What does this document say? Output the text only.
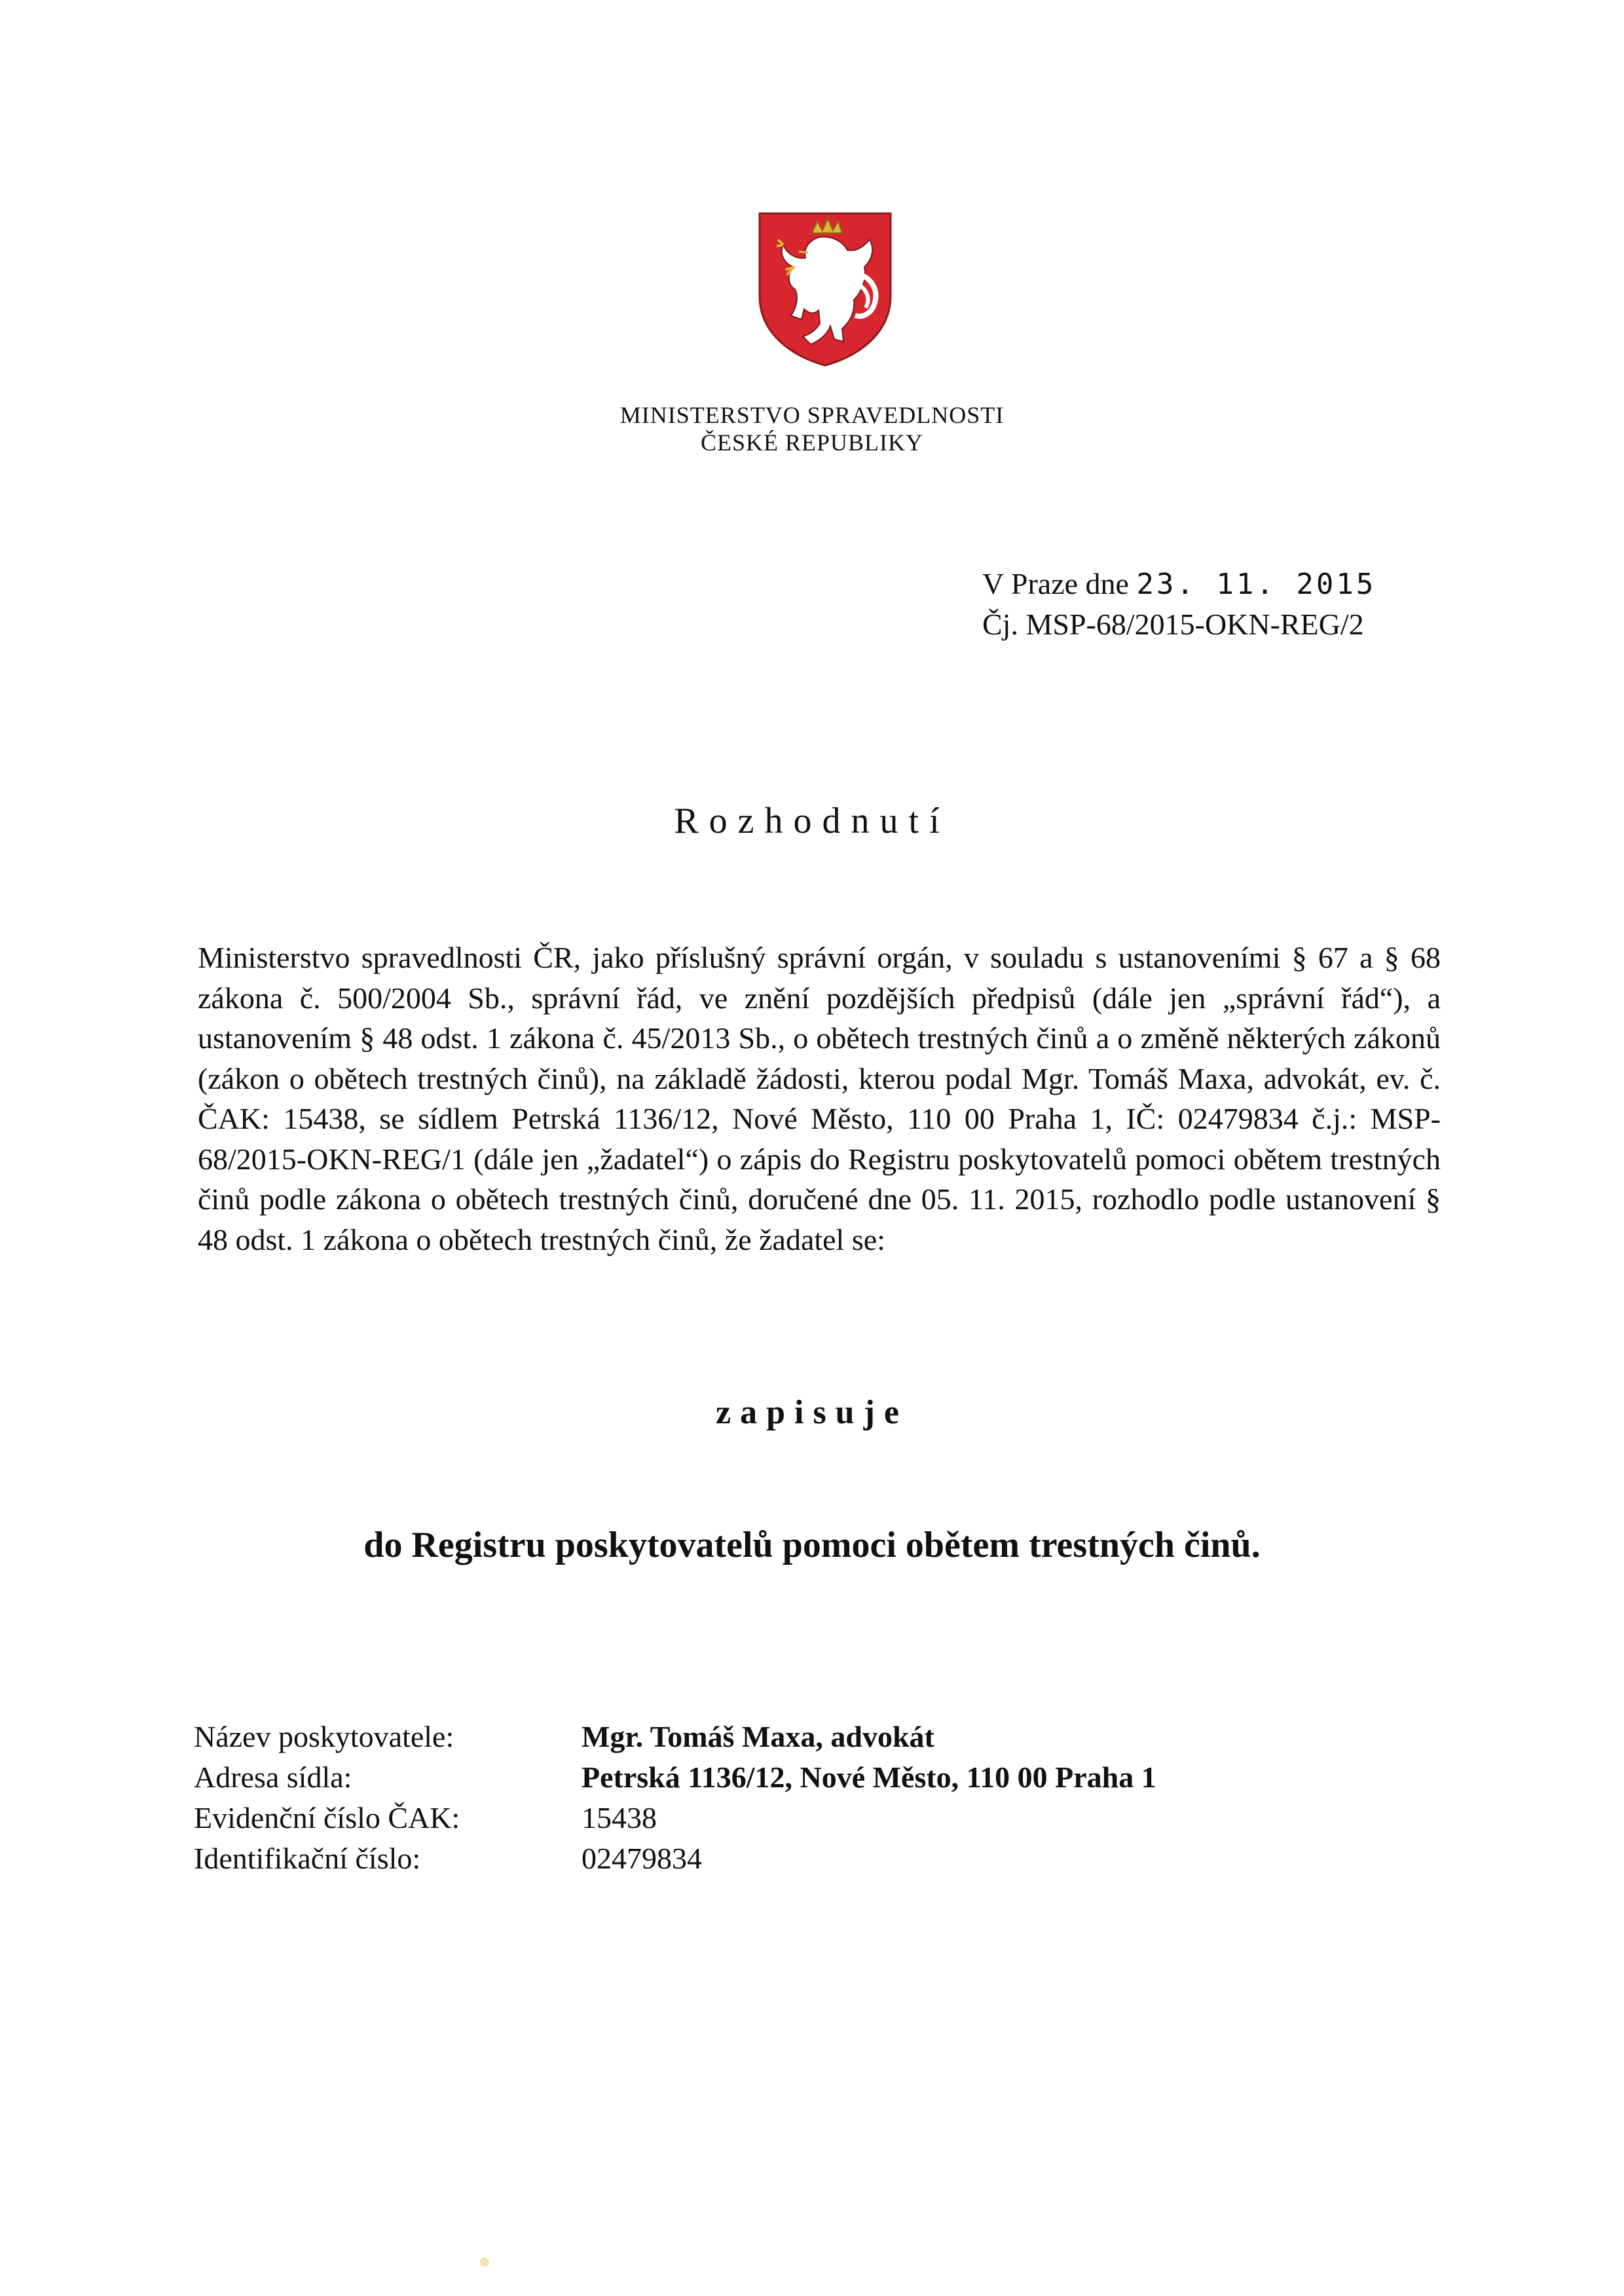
MINISTERSTVO SPRAVEDLNOSTI
ČESKÉ REPUBLIKY
V Praze dne 23. 11. 2015
Čj. MSP-68/2015-OKN-REG/2
Rozhodnutí
Ministerstvo spravedlnosti ČR, jako příslušný správní orgán, v souladu s ustanoveními § 67 a § 68 zákona č. 500/2004 Sb., správní řád, ve znění pozdějších předpisů (dále jen „správní řád“), a ustanovením § 48 odst. 1 zákona č. 45/2013 Sb., o obětech trestných činů a o změně některých zákonů (zákon o obětech trestných činů), na základě žádosti, kterou podal Mgr. Tomáš Maxa, advokát, ev. č. ČAK: 15438, se sídlem Petrská 1136/12, Nové Město, 110 00 Praha 1, IČ: 02479834 č.j.: MSP-68/2015-OKN-REG/1 (dále jen „žadatel“) o zápis do Registru poskytovatelů pomoci obětem trestných činů podle zákona o obětech trestných činů, doručené dne 05. 11. 2015, rozhodlo podle ustanovení § 48 odst. 1 zákona o obětech trestných činů, že žadatel se:
zapisuje
do Registru poskytovatelů pomoci obětem trestných činů.
Název poskytovatele:	Mgr. Tomáš Maxa, advokát
Adresa sídla:	Petrská 1136/12, Nové Město, 110 00 Praha 1
Evidenční číslo ČAK:	15438
Identifikační číslo:	02479834
